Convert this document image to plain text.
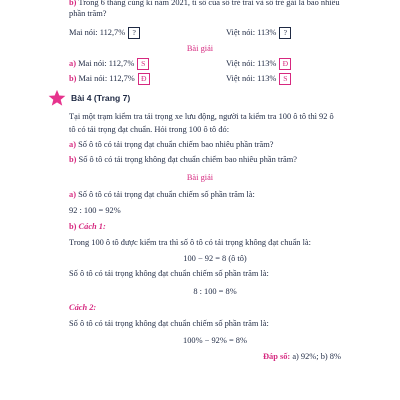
b) Trong 6 tháng cùng kì năm 2021, tỉ số của số trẻ trai và số trẻ gái là bao nhiêu
phần trăm?
Mai nói: 112,7% ?	Việt nói: 113% ?
Bài giải
a) Mai nói: 112,7% S	Việt nói: 113% Đ
b) Mai nói: 112,7% Đ	Việt nói: 113% S
Bài 4 (Trang 7)
Tại một trạm kiểm tra tải trọng xe lưu động, người ta kiểm tra 100 ô tô thì 92 ô
tô có tải trọng đạt chuẩn. Hỏi trong 100 ô tô đó:
a) Số ô tô có tải trọng đạt chuẩn chiếm bao nhiêu phần trăm?
b) Số ô tô có tải trọng không đạt chuẩn chiếm bao nhiêu phần trăm?
Bài giải
a) Số ô tô có tải trọng đạt chuẩn chiếm số phần trăm là:
92 : 100 = 92%
b) Cách 1:
Trong 100 ô tô được kiểm tra thì số ô tô có tải trọng không đạt chuẩn là:
100 − 92 = 8 (ô tô)
Số ô tô có tải trọng không đạt chuẩn chiếm số phần trăm là:
8 : 100 = 8%
Cách 2:
Số ô tô có tải trọng không đạt chuẩn chiếm số phần trăm là:
100% − 92% = 8%
Đáp số: a) 92%; b) 8%
